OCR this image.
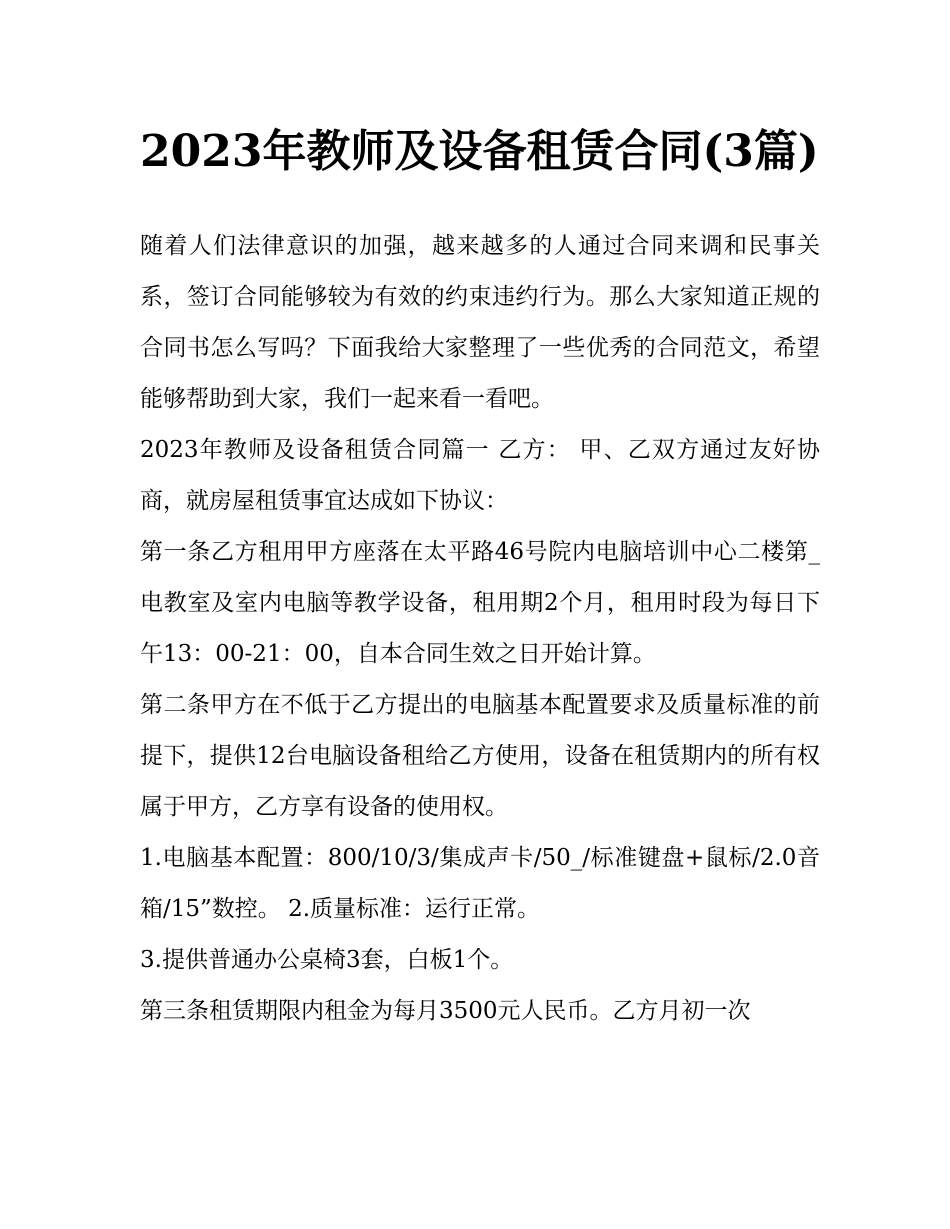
2023年教师及设备租赁合同(3篇)

随着人们法律意识的加强，越来越多的人通过合同来调和民事关系，签订合同能够较为有效的约束违约行为。那么大家知道正规的合同书怎么写吗？下面我给大家整理了一些优秀的合同范文，希望能够帮助到大家，我们一起来看一看吧。

2023年教师及设备租赁合同篇一 乙方： 甲、乙双方通过友好协商，就房屋租赁事宜达成如下协议：

第一条乙方租用甲方座落在太平路46号院内电脑培训中心二楼第_电教室及室内电脑等教学设备，租用期2个月，租用时段为每日下午13：00-21：00，自本合同生效之日开始计算。

第二条甲方在不低于乙方提出的电脑基本配置要求及质量标准的前提下，提供12台电脑设备租给乙方使用，设备在租赁期内的所有权属于甲方，乙方享有设备的使用权。

1.电脑基本配置：800/10/3/集成声卡/50_/标准键盘+鼠标/2.0音箱/15”数控。 2.质量标准：运行正常。

3.提供普通办公桌椅3套，白板1个。

第三条租赁期限内租金为每月3500元人民币。乙方月初一次
